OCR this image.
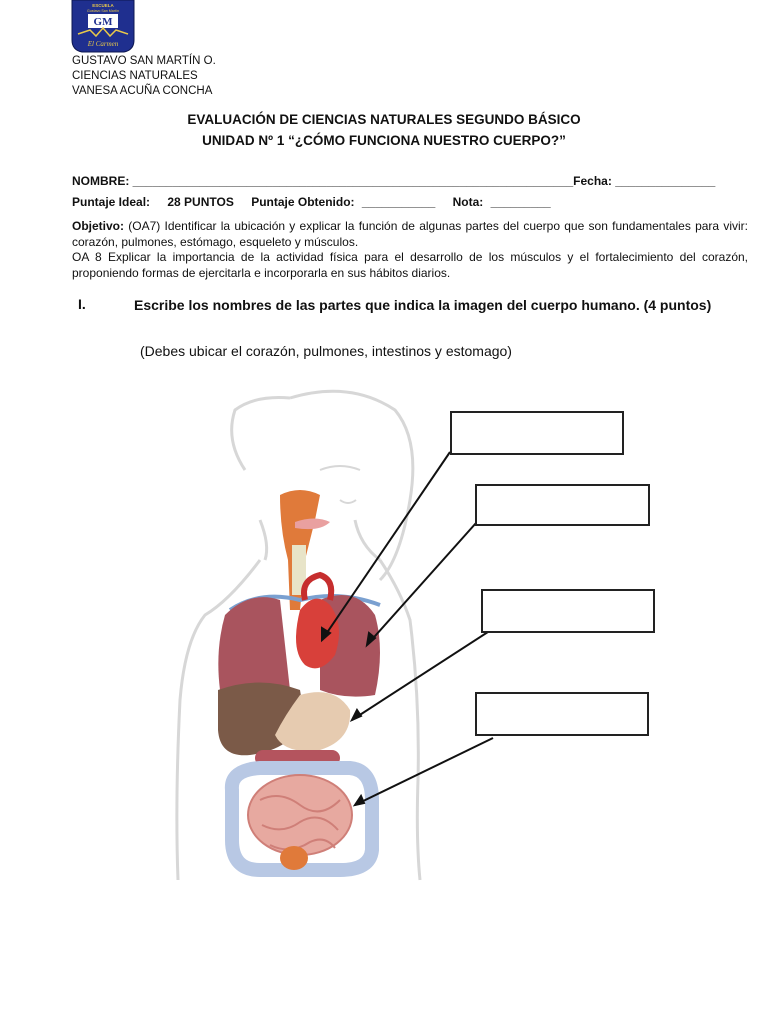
ESCUELA
Gustavo San Martín
GM
El Carmen
GUSTAVO SAN MARTÍN O.
CIENCIAS NATURALES
VANESA ACUÑA CONCHA
EVALUACIÓN DE CIENCIAS NATURALES SEGUNDO BÁSICO
UNIDAD Nº 1 “¿CÓMO FUNCIONA NUESTRO CUERPO?”
NOMBRE: __________________________________________________________________Fecha: _______________
Puntaje Ideal: 28 PUNTOS Puntaje Obtenido: ___________ Nota: _________
Objetivo: (OA7) Identificar la ubicación y explicar la función de algunas partes del cuerpo que son fundamentales para vivir: corazón, pulmones, estómago, esqueleto y músculos.
OA 8 Explicar la importancia de la actividad física para el desarrollo de los músculos y el fortalecimiento del corazón, proponiendo formas de ejercitarla e incorporarla en sus hábitos diarios.
I.	Escribe los nombres de las partes que indica la imagen del cuerpo humano. (4 puntos)
(Debes ubicar el corazón, pulmones, intestinos y estomago)
